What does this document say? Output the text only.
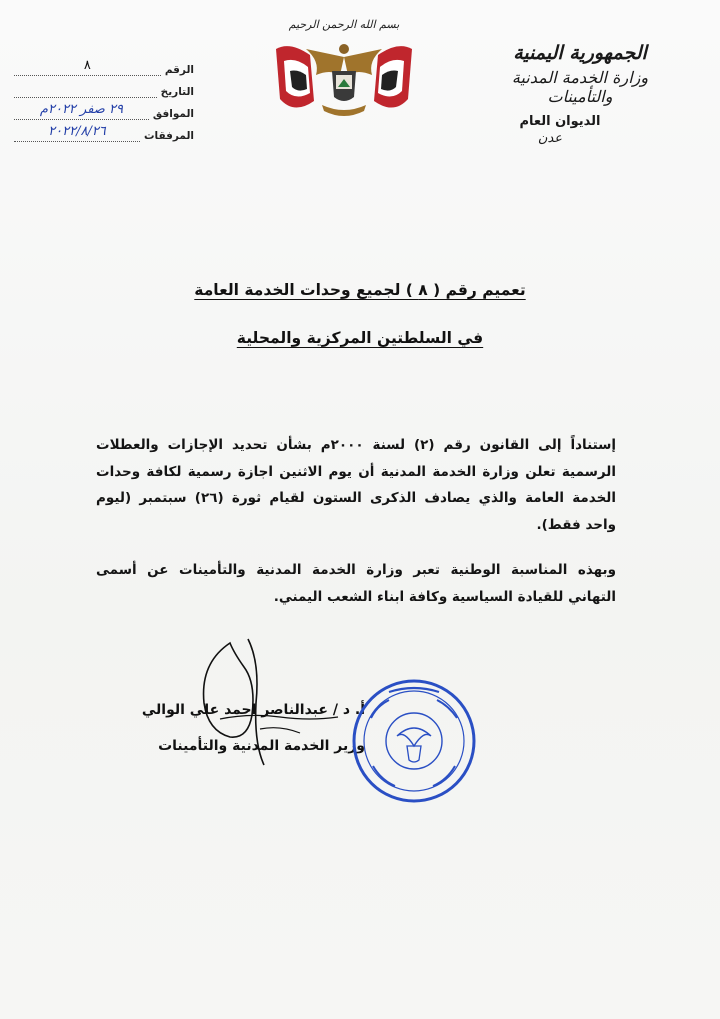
الجمهورية اليمنية
وزارة الخدمة المدنية والتأمينات
الديوان العام
عدن
بسم الله الرحمن الرحيم
الرقم
٨
التاريخ
الموافق
٢٩ صفر ٢٠٢٢م
المرفقات
٢٠٢٢/٨/٢٦
تعميم رقم ( ٨ ) لجميع وحدات الخدمة العامة
في السلطتين المركزية والمحلية

إستناداً إلى القانون رقم (٢) لسنة ٢٠٠٠م بشأن تحديد الإجازات والعطلات الرسمية تعلن وزارة الخدمة المدنية أن يوم الاثنين اجازة رسمية لكافة وحدات الخدمة العامة والذي يصادف الذكرى الستون لقيام ثورة (٢٦) سبتمبر (ليوم واحد فقط).

وبهذه المناسبة الوطنية تعبر وزارة الخدمة المدنية والتأمينات عن أسمى التهاني للقيادة السياسية وكافة ابناء الشعب اليمني.

أ. د / عبدالناصر احمد علي الوالي
وزير الخدمة المدنية والتأمينات
